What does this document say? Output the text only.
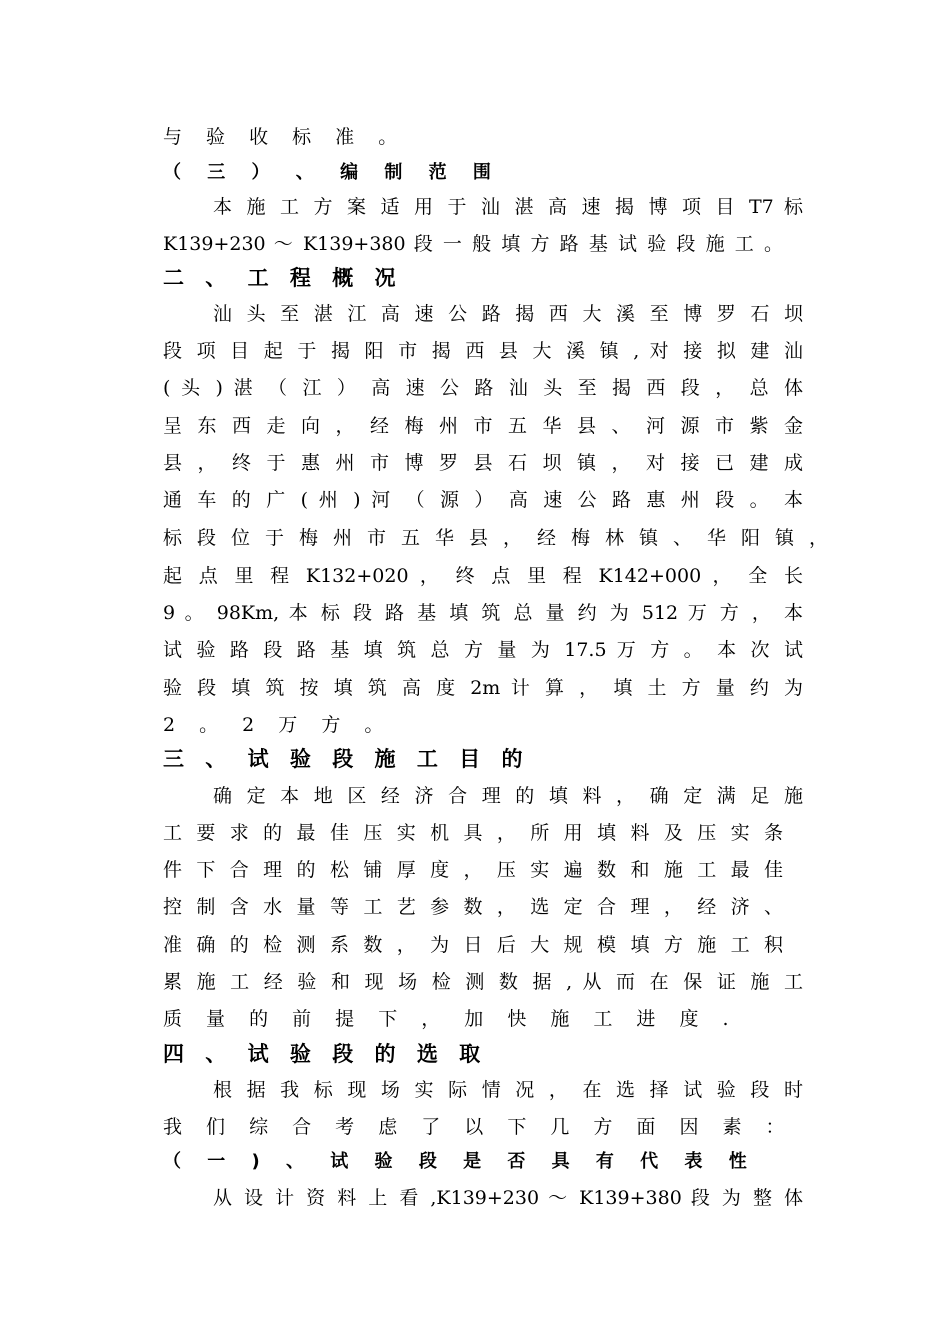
与 验 收 标 准 。
（ 三 ） 、 编 制 范 围
本 施 工 方 案 适 用 于 汕 湛 高 速 揭 博 项 目 T7 标
K139+230 ～ K139+380 段 一 般 填 方 路 基 试 验 段 施 工 。
二 、 工 程 概 况
汕 头 至 湛 江 高 速 公 路 揭 西 大 溪 至 博 罗 石 坝
段 项 目 起 于 揭 阳 市 揭 西 县 大 溪 镇 , 对 接 拟 建 汕
( 头 ) 湛 （ 江 ） 高 速 公 路 汕 头 至 揭 西 段 ， 总 体
呈 东 西 走 向 ， 经 梅 州 市 五 华 县 、 河 源 市 紫 金
县 ， 终 于 惠 州 市 博 罗 县 石 坝 镇 ， 对 接 已 建 成
通 车 的 广 ( 州 ) 河 （ 源 ） 高 速 公 路 惠 州 段 。 本
标 段 位 于 梅 州 市 五 华 县 ， 经 梅 林 镇 、 华 阳 镇 ，
起 点 里 程 K132+020 ， 终 点 里 程 K142+000 ， 全 长
9 。 98Km, 本 标 段 路 基 填 筑 总 量 约 为 512 万 方 ， 本
试 验 路 段 路 基 填 筑 总 方 量 为 17.5 万 方 。 本 次 试
验 段 填 筑 按 填 筑 高 度 2m 计 算 ， 填 土 方 量 约 为
2 。 2 万 方 。
三 、 试 验 段 施 工 目 的
确 定 本 地 区 经 济 合 理 的 填 料 ， 确 定 满 足 施
工 要 求 的 最 佳 压 实 机 具 ， 所 用 填 料 及 压 实 条
件 下 合 理 的 松 铺 厚 度 ， 压 实 遍 数 和 施 工 最 佳
控 制 含 水 量 等 工 艺 参 数 ， 选 定 合 理 ， 经 济 、
准 确 的 检 测 系 数 ， 为 日 后 大 规 模 填 方 施 工 积
累 施 工 经 验 和 现 场 检 测 数 据 , 从 而 在 保 证 施 工
质 量 的 前 提 下 ， 加 快 施 工 进 度 .
四 、 试 验 段 的 选 取
根 据 我 标 现 场 实 际 情 况 ， 在 选 择 试 验 段 时
我 们 综 合 考 虑 了 以 下 几 方 面 因 素 ：
（ 一 ) 、 试 验 段 是 否 具 有 代 表 性
从 设 计 资 料 上 看 ,K139+230 ～ K139+380 段 为 整 体
